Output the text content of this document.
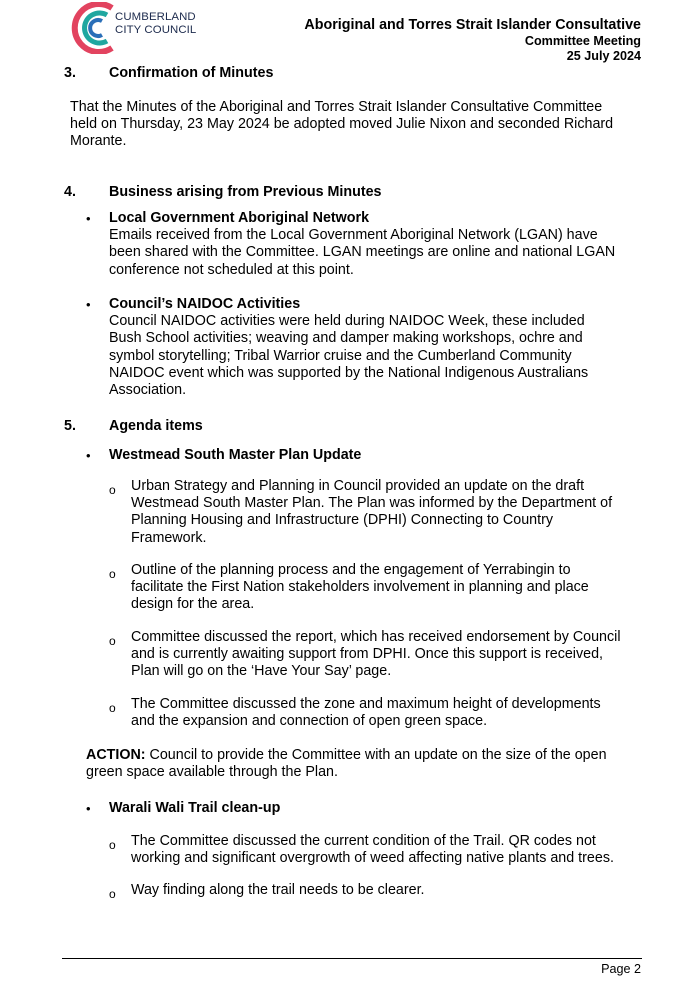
CUMBERLAND
CITY COUNCIL	Aboriginal and Torres Strait Islander Consultative
Committee Meeting
25 July 2024
3. Confirmation of Minutes
That the Minutes of the Aboriginal and Torres Strait Islander Consultative Committee
held on Thursday, 23 May 2024 be adopted moved Julie Nixon and seconded Richard
Morante.
4. Business arising from Previous Minutes
• Local Government Aboriginal Network
Emails received from the Local Government Aboriginal Network (LGAN) have
been shared with the Committee. LGAN meetings are online and national LGAN
conference not scheduled at this point.
• Council’s NAIDOC Activities
Council NAIDOC activities were held during NAIDOC Week, these included
Bush School activities; weaving and damper making workshops, ochre and
symbol storytelling; Tribal Warrior cruise and the Cumberland Community
NAIDOC event which was supported by the National Indigenous Australians
Association.
5. Agenda items
• Westmead South Master Plan Update
o Urban Strategy and Planning in Council provided an update on the draft
Westmead South Master Plan. The Plan was informed by the Department of
Planning Housing and Infrastructure (DPHI) Connecting to Country
Framework.
o Outline of the planning process and the engagement of Yerrabingin to
facilitate the First Nation stakeholders involvement in planning and place
design for the area.
o Committee discussed the report, which has received endorsement by Council
and is currently awaiting support from DPHI. Once this support is received,
Plan will go on the ‘Have Your Say’ page.
o The Committee discussed the zone and maximum height of developments
and the expansion and connection of open green space.
ACTION: Council to provide the Committee with an update on the size of the open
green space available through the Plan.
• Warali Wali Trail clean-up
o The Committee discussed the current condition of the Trail. QR codes not
working and significant overgrowth of weed affecting native plants and trees.
o Way finding along the trail needs to be clearer.
Page 2
